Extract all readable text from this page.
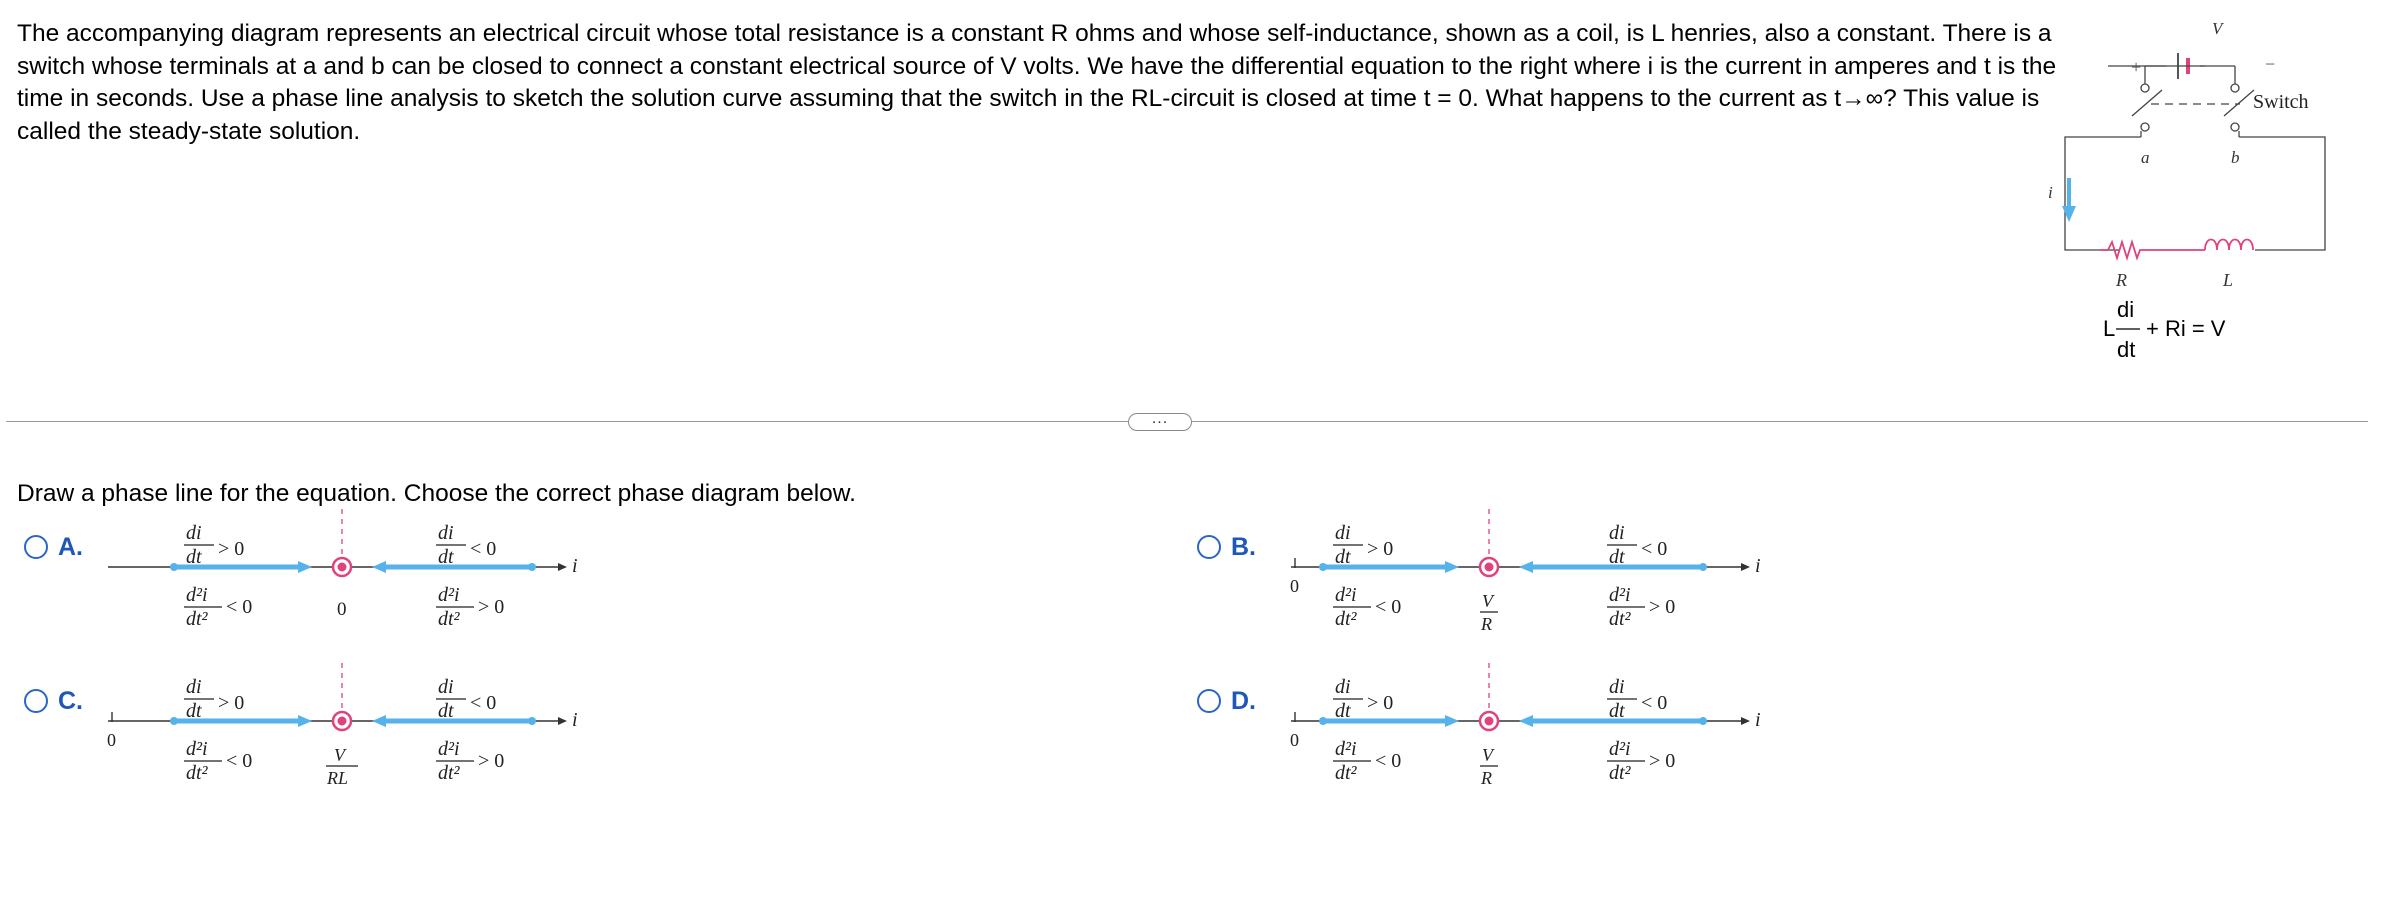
The accompanying diagram represents an electrical circuit whose total resistance is a constant R ohms and whose self-inductance, shown as a coil, is L henries, also a constant. There is a switch whose terminals at a and b can be closed to connect a constant electrical source of V volts. We have the differential equation to the right where i is the current in amperes and t is the time in seconds. Use a phase line analysis to sketch the solution curve assuming that the switch in the RL-circuit is closed at time t = 0. What happens to the current as t→∞? This value is called the steady-state solution.

V
+	−
Switch
a	b
R	L
i
L
di
dt
+ Ri = V
...

Draw a phase line for the equation. Choose the correct phase diagram below.

A.
i
di
dt > 0
di
dt < 0
d²i
dt²
< 0
d²i
dt²
> 0
0
B.
i
0
di
dt > 0
di
dt < 0
d²i
dt²
< 0
d²i
dt²
> 0
V
R
C.
i
0
di
dt > 0
di
dt < 0
d²i
dt²
< 0
d²i
dt²
> 0
V
RL
D.
i
0
di
dt > 0
di
dt < 0
d²i
dt²
< 0
d²i
dt²
> 0
V
R
